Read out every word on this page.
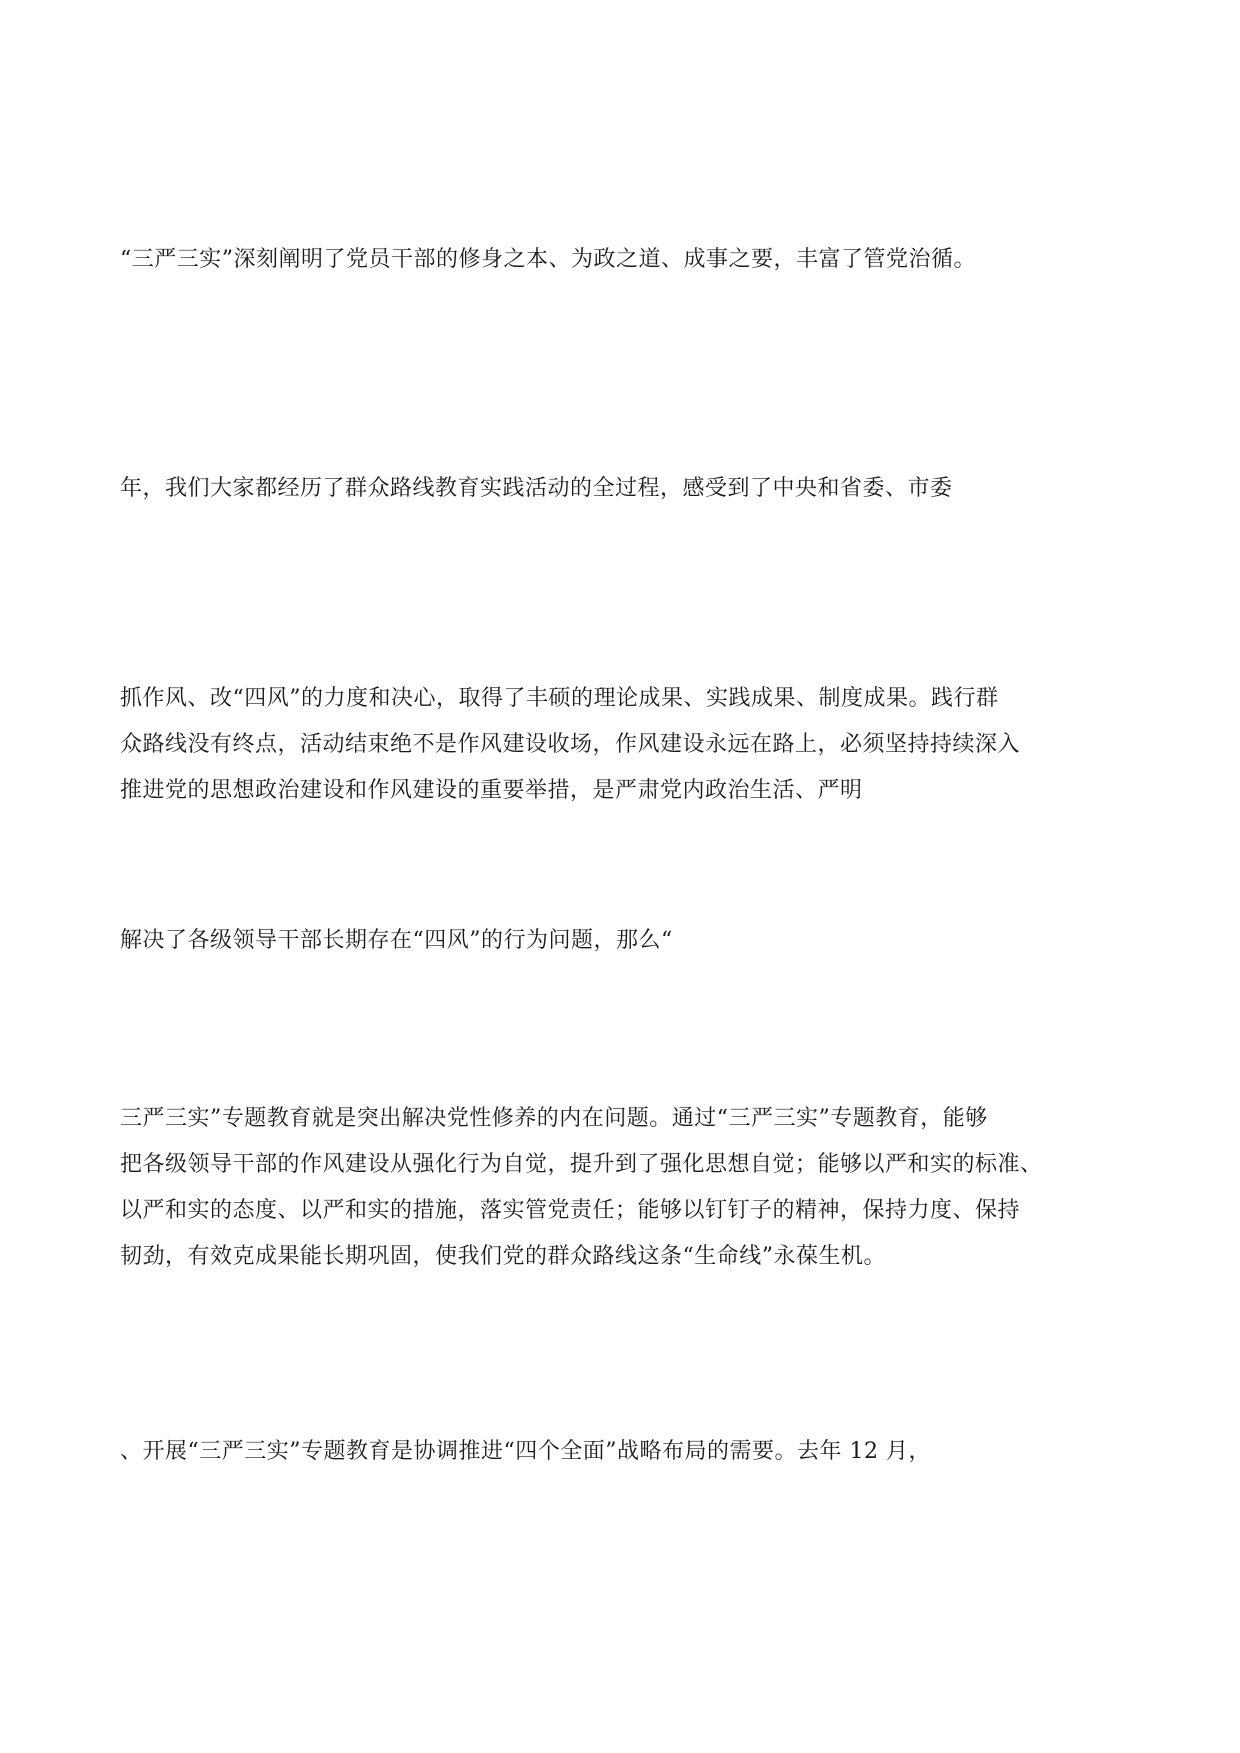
“三严三实”深刻阐明了党员干部的修身之本、为政之道、成事之要，丰富了管党治循。

年，我们大家都经历了群众路线教育实践活动的全过程，感受到了中央和省委、市委

抓作风、改“四风”的力度和决心，取得了丰硕的理论成果、实践成果、制度成果。践行群
众路线没有终点，活动结束绝不是作风建设收场，作风建设永远在路上，必须坚持持续深入
推进党的思想政治建设和作风建设的重要举措，是严肃党内政治生活、严明

解决了各级领导干部长期存在“四风”的行为问题，那么“

三严三实”专题教育就是突出解决党性修养的内在问题。通过“三严三实”专题教育，能够
把各级领导干部的作风建设从强化行为自觉，提升到了强化思想自觉；能够以严和实的标准、
以严和实的态度、以严和实的措施，落实管党责任；能够以钉钉子的精神，保持力度、保持
韧劲，有效克成果能长期巩固，使我们党的群众路线这条“生命线”永葆生机。

、开展“三严三实”专题教育是协调推进“四个全面”战略布局的需要。去年 12 月，
